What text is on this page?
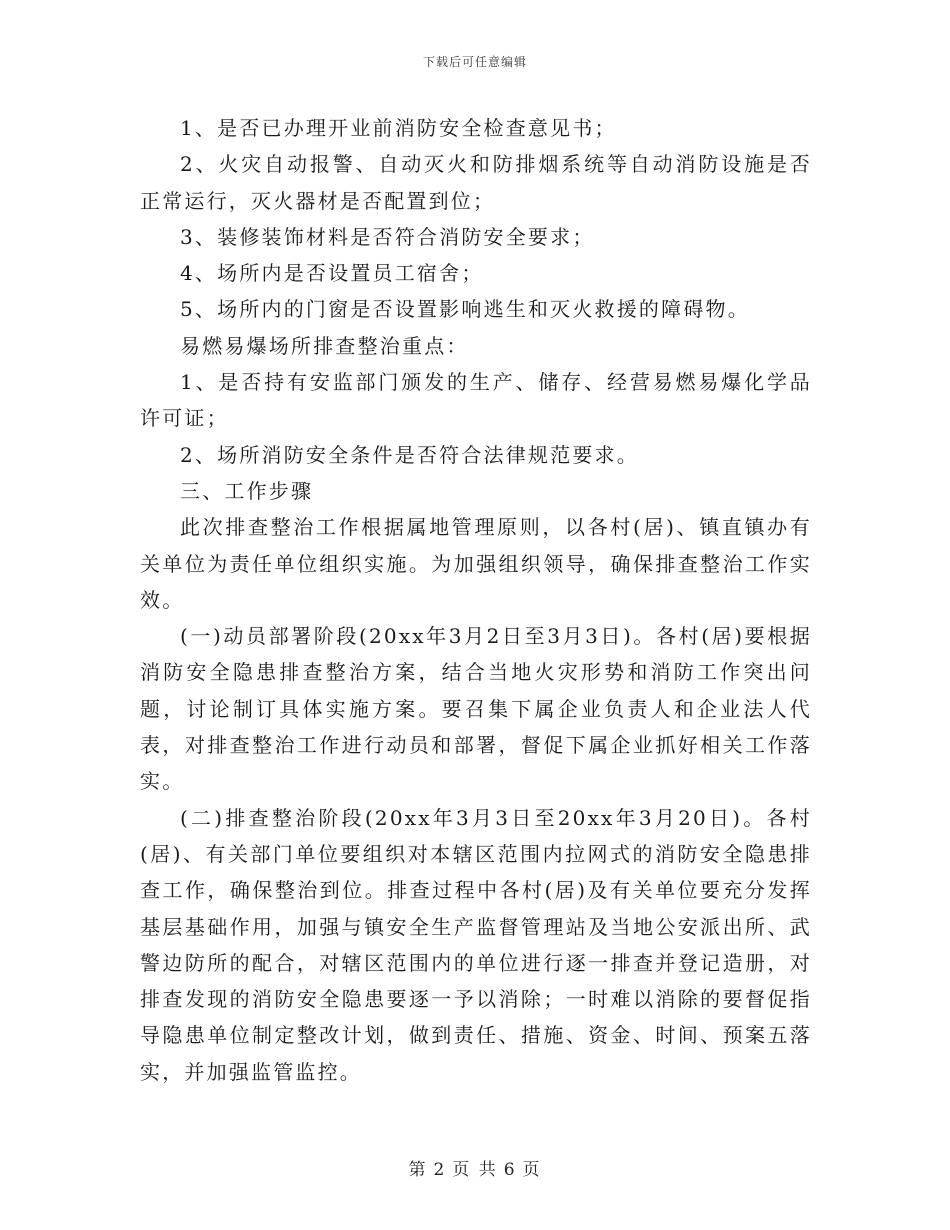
下载后可任意编辑

1、是否已办理开业前消防安全检查意见书；

2、火灾自动报警、自动灭火和防排烟系统等自动消防设施是否正常运行，灭火器材是否配置到位；

3、装修装饰材料是否符合消防安全要求；

4、场所内是否设置员工宿舍；

5、场所内的门窗是否设置影响逃生和灭火救援的障碍物。

易燃易爆场所排查整治重点：

1、是否持有安监部门颁发的生产、储存、经营易燃易爆化学品许可证；

2、场所消防安全条件是否符合法律规范要求。

三、工作步骤

此次排查整治工作根据属地管理原则，以各村(居)、镇直镇办有关单位为责任单位组织实施。为加强组织领导，确保排查整治工作实效。

(一)动员部署阶段(20xx年3月2日至3月3日)。各村(居)要根据消防安全隐患排查整治方案，结合当地火灾形势和消防工作突出问题，讨论制订具体实施方案。要召集下属企业负责人和企业法人代表，对排查整治工作进行动员和部署，督促下属企业抓好相关工作落实。

(二)排查整治阶段(20xx年3月3日至20xx年3月20日)。各村(居)、有关部门单位要组织对本辖区范围内拉网式的消防安全隐患排查工作，确保整治到位。排查过程中各村(居)及有关单位要充分发挥基层基础作用，加强与镇安全生产监督管理站及当地公安派出所、武警边防所的配合，对辖区范围内的单位进行逐一排查并登记造册，对排查发现的消防安全隐患要逐一予以消除；一时难以消除的要督促指导隐患单位制定整改计划，做到责任、措施、资金、时间、预案五落实，并加强监管监控。

第 2 页 共 6 页
